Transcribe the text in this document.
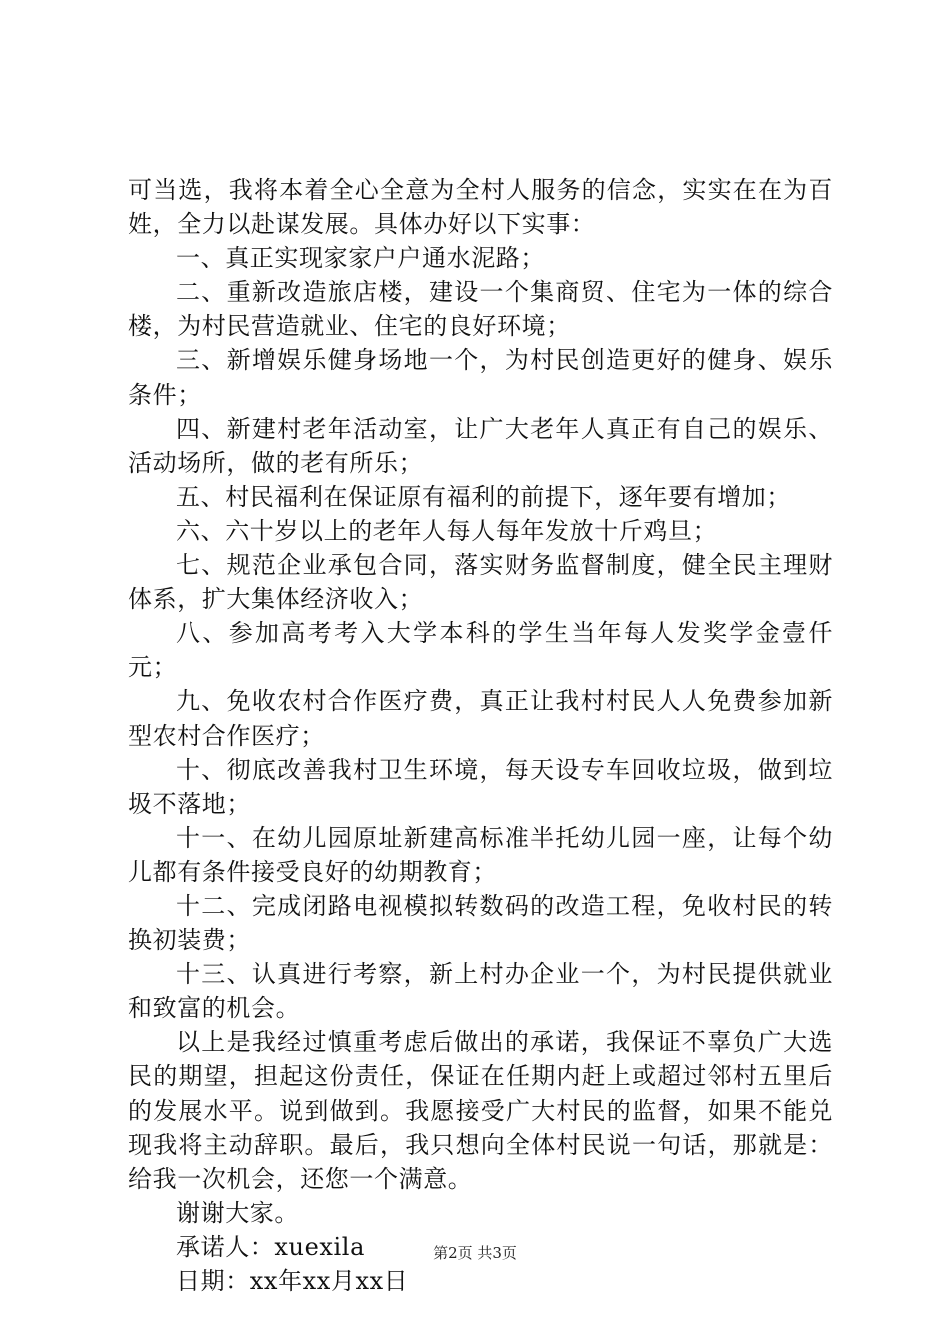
可当选，我将本着全心全意为全村人服务的信念，实实在在为百姓，全力以赴谋发展。具体办好以下实事：

一、真正实现家家户户通水泥路；

二、重新改造旅店楼，建设一个集商贸、住宅为一体的综合楼，为村民营造就业、住宅的良好环境；

三、新增娱乐健身场地一个，为村民创造更好的健身、娱乐条件；

四、新建村老年活动室，让广大老年人真正有自己的娱乐、活动场所，做的老有所乐；

五、村民福利在保证原有福利的前提下，逐年要有增加；

六、六十岁以上的老年人每人每年发放十斤鸡旦；

七、规范企业承包合同，落实财务监督制度，健全民主理财体系，扩大集体经济收入；

八、参加高考考入大学本科的学生当年每人发奖学金壹仟元；

九、免收农村合作医疗费，真正让我村村民人人免费参加新型农村合作医疗；

十、彻底改善我村卫生环境，每天设专车回收垃圾，做到垃圾不落地；

十一、在幼儿园原址新建高标准半托幼儿园一座，让每个幼儿都有条件接受良好的幼期教育；

十二、完成闭路电视模拟转数码的改造工程，免收村民的转换初装费；

十三、认真进行考察，新上村办企业一个，为村民提供就业和致富的机会。

以上是我经过慎重考虑后做出的承诺，我保证不辜负广大选民的期望，担起这份责任，保证在任期内赶上或超过邻村五里后的发展水平。说到做到。我愿接受广大村民的监督，如果不能兑现我将主动辞职。最后，我只想向全体村民说一句话，那就是：给我一次机会，还您一个满意。

谢谢大家。

承诺人：xuexila

日期：xx年xx月xx日

第2页 共3页
